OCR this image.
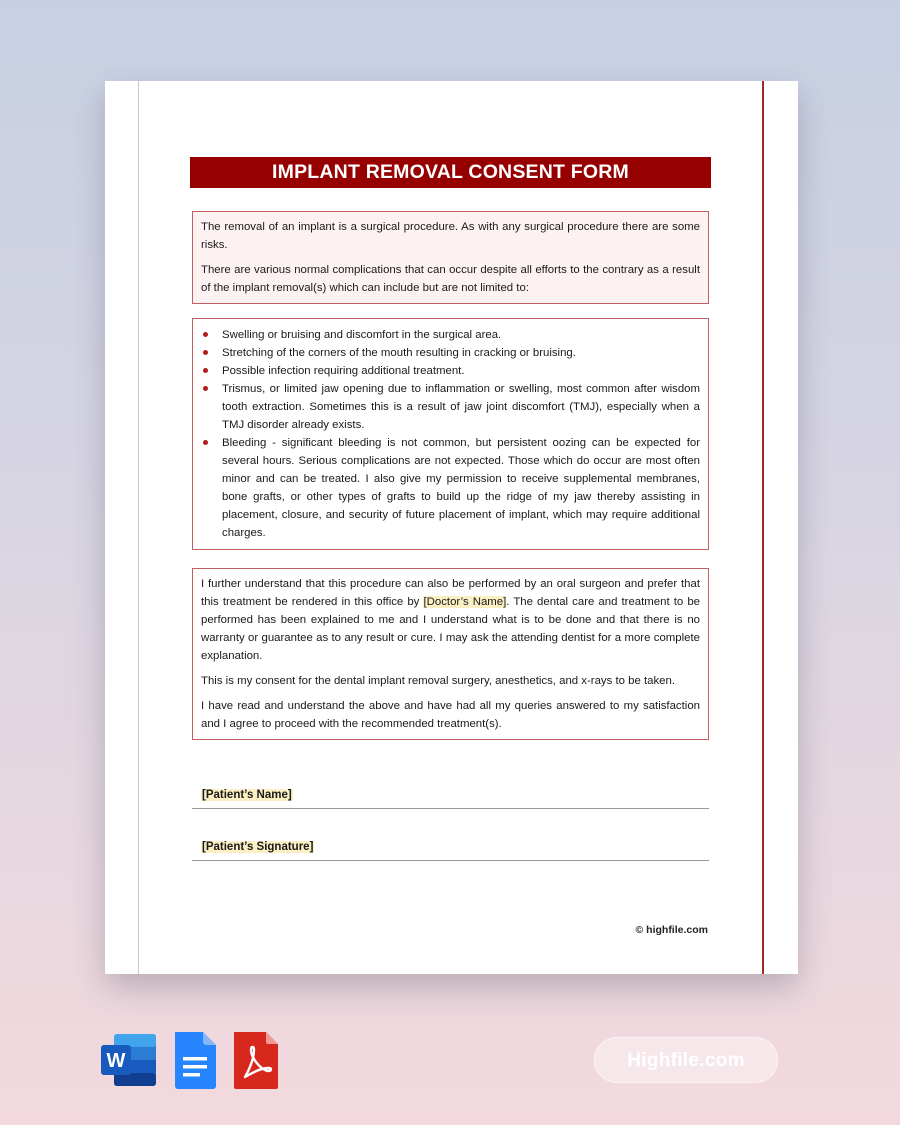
IMPLANT REMOVAL CONSENT FORM

The removal of an implant is a surgical procedure. As with any surgical procedure there are some risks.

There are various normal complications that can occur despite all efforts to the contrary as a result of the implant removal(s) which can include but are not limited to:

Swelling or bruising and discomfort in the surgical area.
Stretching of the corners of the mouth resulting in cracking or bruising.
Possible infection requiring additional treatment.
Trismus, or limited jaw opening due to inflammation or swelling, most common after wisdom tooth extraction. Sometimes this is a result of jaw joint discomfort (TMJ), especially when a TMJ disorder already exists.
Bleeding - significant bleeding is not common, but persistent oozing can be expected for several hours. Serious complications are not expected. Those which do occur are most often minor and can be treated. I also give my permission to receive supplemental membranes, bone grafts, or other types of grafts to build up the ridge of my jaw thereby assisting in placement, closure, and security of future placement of implant, which may require additional charges.

I further understand that this procedure can also be performed by an oral surgeon and prefer that this treatment be rendered in this office by [Doctor’s Name]. The dental care and treatment to be performed has been explained to me and I understand what is to be done and that there is no warranty or guarantee as to any result or cure. I may ask the attending dentist for a more complete explanation.

This is my consent for the dental implant removal surgery, anesthetics, and x-rays to be taken.

I have read and understand the above and have had all my queries answered to my satisfaction and I agree to proceed with the recommended treatment(s).

[Patient’s Name]
[Patient’s Signature]
© highfile.com
W	Highfile.com
